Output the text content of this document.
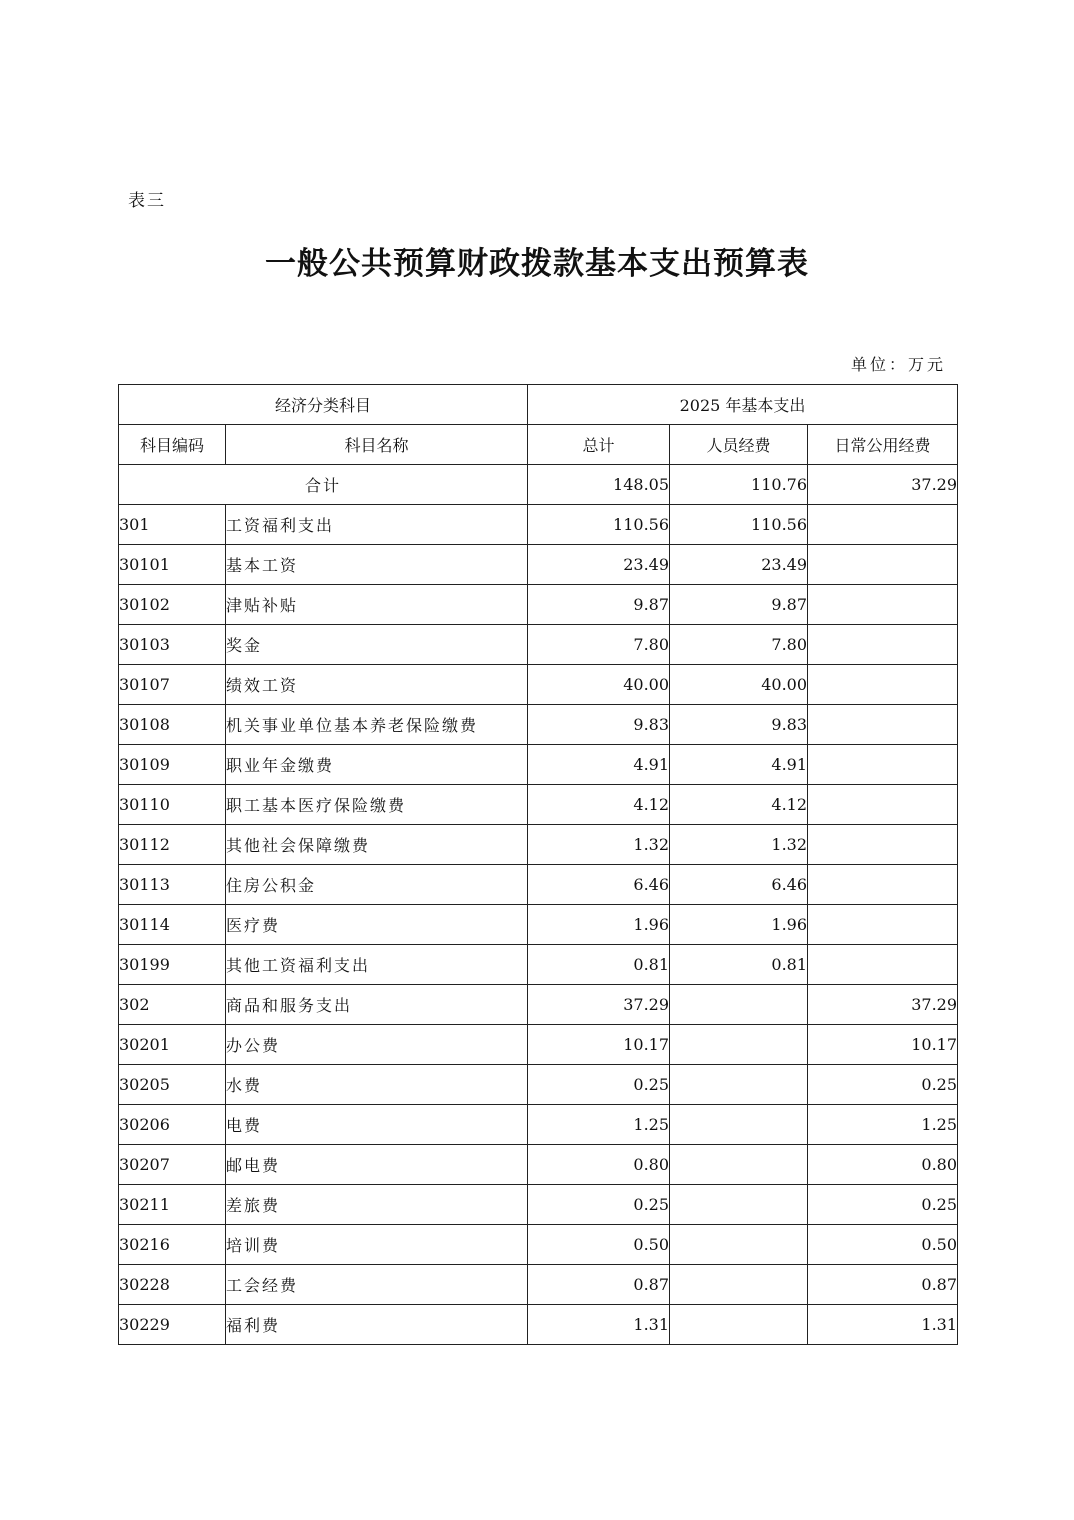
表三
一般公共预算财政拨款基本支出预算表
单位：万元
经济分类科目		2025 年基本支出		
科目编码	科目名称	总计	人员经费	日常公用经费
合计		148.05	110.76	37.29
301	工资福利支出	110.56	110.56	
30101	基本工资	23.49	23.49	
30102	津贴补贴	9.87	9.87	
30103	奖金	7.80	7.80	
30107	绩效工资	40.00	40.00	
30108	机关事业单位基本养老保险缴费	9.83	9.83	
30109	职业年金缴费	4.91	4.91	
30110	职工基本医疗保险缴费	4.12	4.12	
30112	其他社会保障缴费	1.32	1.32	
30113	住房公积金	6.46	6.46	
30114	医疗费	1.96	1.96	
30199	其他工资福利支出	0.81	0.81	
302	商品和服务支出	37.29		37.29
30201	办公费	10.17		10.17
30205	水费	0.25		0.25
30206	电费	1.25		1.25
30207	邮电费	0.80		0.80
30211	差旅费	0.25		0.25
30216	培训费	0.50		0.50
30228	工会经费	0.87		0.87
30229	福利费	1.31		1.31
